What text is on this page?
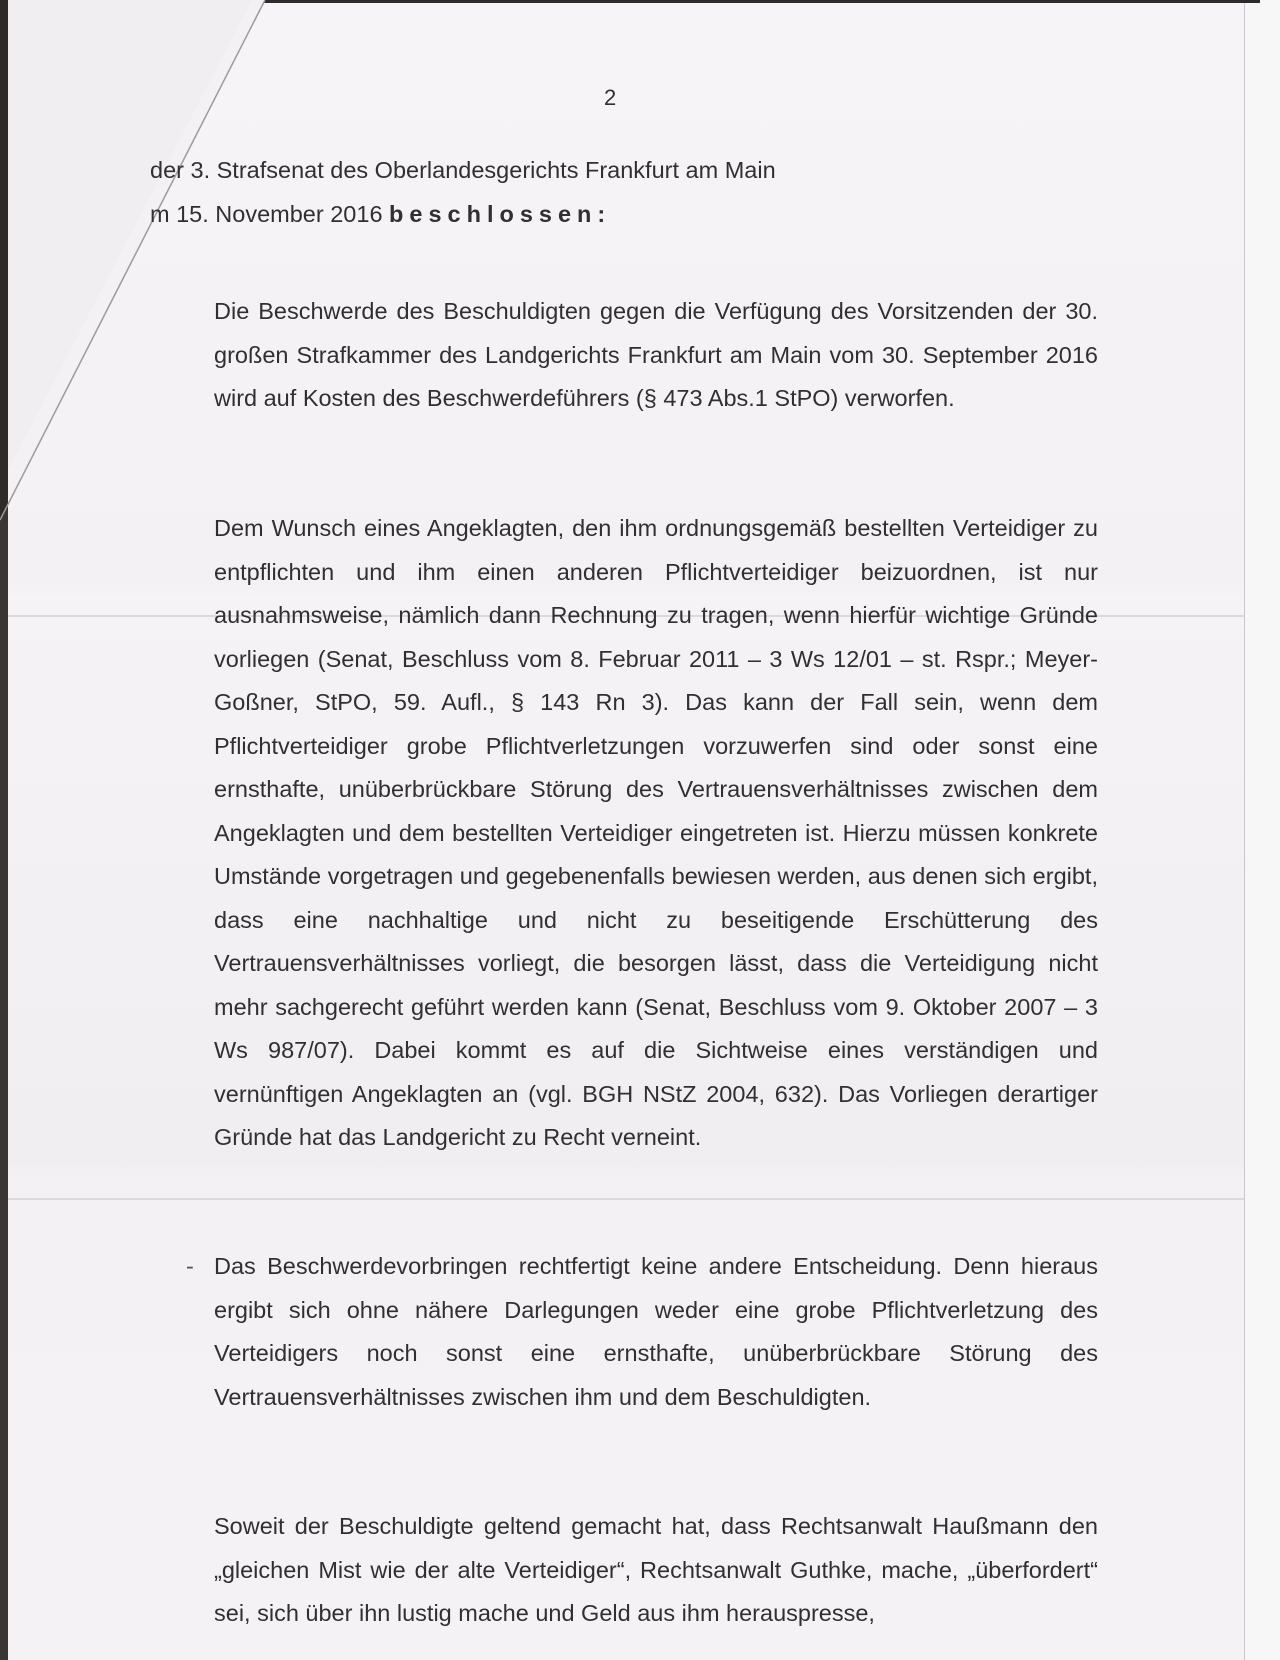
2
der 3. Strafsenat des Oberlandesgerichts Frankfurt am Main
m 15. November 2016 beschlossen:
Die Beschwerde des Beschuldigten gegen die Verfügung des Vorsitzenden der 30. großen Strafkammer des Landgerichts Frankfurt am Main vom 30. September 2016 wird auf Kosten des Beschwerdeführers (§ 473 Abs.1 StPO) verworfen.
Dem Wunsch eines Angeklagten, den ihm ordnungsgemäß bestellten Verteidiger zu entpflichten und ihm einen anderen Pflichtverteidiger beizuordnen, ist nur ausnahmsweise, nämlich dann Rechnung zu tragen, wenn hierfür wichtige Gründe vorliegen (Senat, Beschluss vom 8. Februar 2011 – 3 Ws 12/01 – st. Rspr.; Meyer-Goßner, StPO, 59. Aufl., § 143 Rn 3). Das kann der Fall sein, wenn dem Pflichtverteidiger grobe Pflichtverletzungen vorzuwerfen sind oder sonst eine ernsthafte, unüberbrückbare Störung des Vertrauensverhältnisses zwischen dem Angeklagten und dem bestellten Verteidiger eingetreten ist. Hierzu müssen konkrete Umstände vorgetragen und gegebenenfalls bewiesen werden, aus denen sich ergibt, dass eine nachhaltige und nicht zu beseitigende Erschütterung des Vertrauensverhältnisses vorliegt, die besorgen lässt, dass die Verteidigung nicht mehr sachgerecht geführt werden kann (Senat, Beschluss vom 9. Oktober 2007 – 3 Ws 987/07). Dabei kommt es auf die Sichtweise eines verständigen und vernünftigen Angeklagten an (vgl. BGH NStZ 2004, 632). Das Vorliegen derartiger Gründe hat das Landgericht zu Recht verneint.
- Das Beschwerdevorbringen rechtfertigt keine andere Entscheidung. Denn hieraus ergibt sich ohne nähere Darlegungen weder eine grobe Pflichtverletzung des Verteidigers noch sonst eine ernsthafte, unüberbrückbare Störung des Vertrauensverhältnisses zwischen ihm und dem Beschuldigten.
Soweit der Beschuldigte geltend gemacht hat, dass Rechtsanwalt Haußmann den „gleichen Mist wie der alte Verteidiger“, Rechtsanwalt Guthke, mache, „überfordert“ sei, sich über ihn lustig mache und Geld aus ihm herauspresse,
